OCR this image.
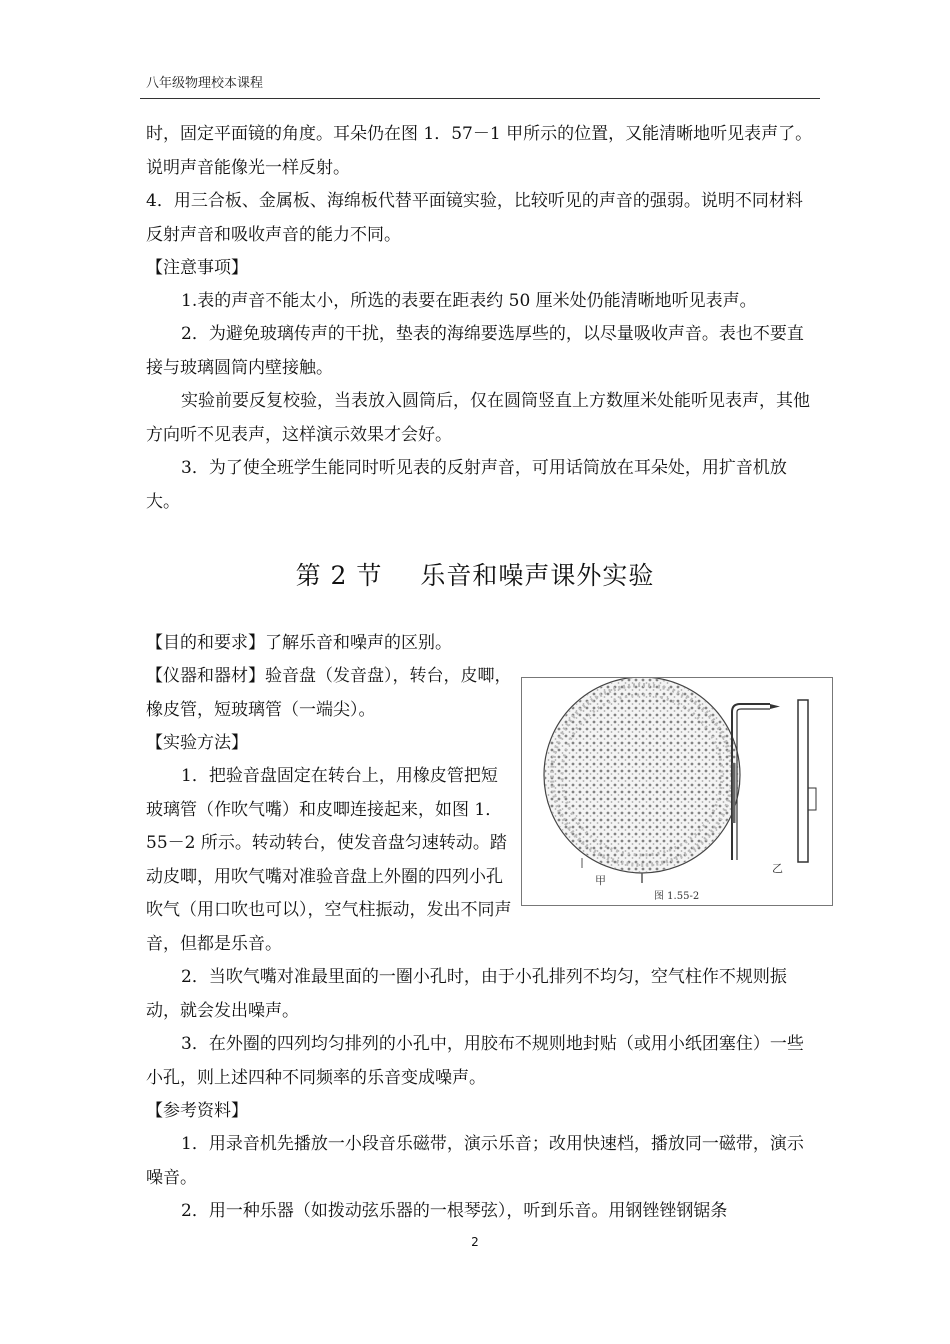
八年级物理校本课程

时，固定平面镜的角度。耳朵仍在图 1．57－1 甲所示的位置，又能清晰地听见表声了。说明声音能像光一样反射。

4．用三合板、金属板、海绵板代替平面镜实验，比较听见的声音的强弱。说明不同材料反射声音和吸收声音的能力不同。

【注意事项】

1.表的声音不能太小，所选的表要在距表约 50 厘米处仍能清晰地听见表声。

2．为避免玻璃传声的干扰，垫表的海绵要选厚些的，以尽量吸收声音。表也不要直接与玻璃圆筒内壁接触。

实验前要反复校验，当表放入圆筒后，仅在圆筒竖直上方数厘米处能听见表声，其他方向听不见表声，这样演示效果才会好。

3．为了使全班学生能同时听见表的反射声音，可用话筒放在耳朵处，用扩音机放大。

第 2 节 乐音和噪声课外实验

【目的和要求】了解乐音和噪声的区别。

【仪器和器材】验音盘（发音盘），转台，皮唧，橡皮管，短玻璃管（一端尖）。

【实验方法】

1．把验音盘固定在转台上，用橡皮管把短玻璃管（作吹气嘴）和皮唧连接起来，如图 1．55－2 所示。转动转台，使发音盘匀速转动。踏动皮唧，用吹气嘴对准验音盘上外圈的四列小孔吹气（用口吹也可以），空气柱振动，发出不同声音，但都是乐音。

2．当吹气嘴对准最里面的一圈小孔时，由于小孔排列不均匀，空气柱作不规则振动，就会发出噪声。

3．在外圈的四列均匀排列的小孔中，用胶布不规则地封贴（或用小纸团塞住）一些小孔，则上述四种不同频率的乐音变成噪声。

【参考资料】

1．用录音机先播放一小段音乐磁带，演示乐音；改用快速档，播放同一磁带，演示噪音。

2．用一种乐器（如拨动弦乐器的一根琴弦），听到乐音。用钢锉锉钢锯条

甲
乙
图 1.55-2
2
